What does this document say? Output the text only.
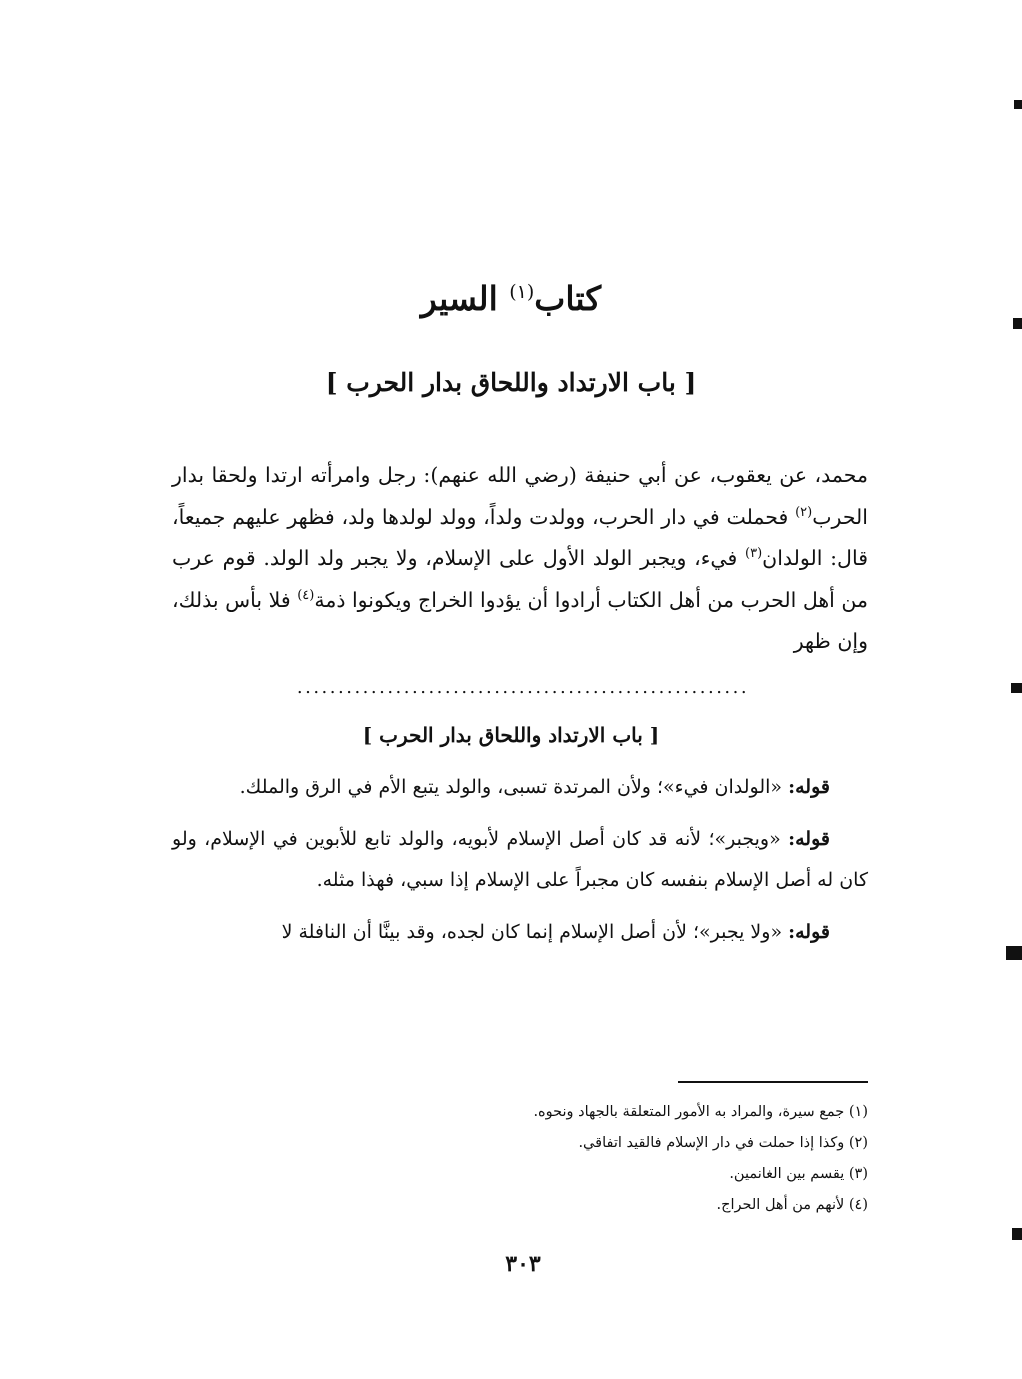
كتاب$^{(١)}$ السير
[ باب الارتداد واللحاق بدار الحرب ]
محمد، عن يعقوب، عن أبي حنيفة (رضي الله عنهم): رجل وامرأته ارتدا ولحقا بدار الحرب$^{(٢)}$ فحملت في دار الحرب، وولدت ولداً، وولد لولدها ولد، فظهر عليهم جميعاً، قال: الولدان$^{(٣)}$ فيء، ويجبر الولد الأول على الإسلام، ولا يجبر ولد الولد. قوم عرب من أهل الحرب من أهل الكتاب أرادوا أن يؤدوا الخراج ويكونوا ذمة$^{(٤)}$ فلا بأس بذلك، وإن ظهر
.......................................................
[ باب الارتداد واللحاق بدار الحرب ]

قوله: «الولدان فيء»؛ ولأن المرتدة تسبى، والولد يتبع الأم في الرق والملك.

قوله: «ويجبر»؛ لأنه قد كان أصل الإسلام لأبويه، والولد تابع للأبوين في الإسلام، ولو كان له أصل الإسلام بنفسه كان مجبراً على الإسلام إذا سبي، فهذا مثله.

قوله: «ولا يجبر»؛ لأن أصل الإسلام إنما كان لجده، وقد بينَّا أن النافلة لا

(١) جمع سيرة، والمراد به الأمور المتعلقة بالجهاد ونحوه.

(٢) وكذا إذا حملت في دار الإسلام فالقيد اتفاقي.

(٣) يقسم بين الغانمين.

(٤) لأنهم من أهل الحراج.

٣٠٣
